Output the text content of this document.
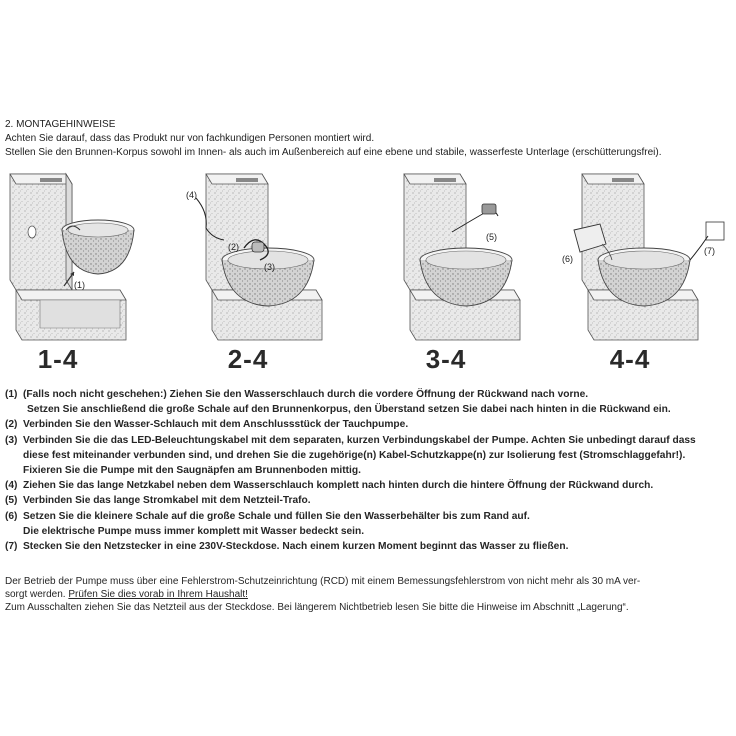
2. MONTAGEHINWEISE

Achten Sie darauf, dass das Produkt nur von fachkundigen Personen montiert wird.

Stellen Sie den Brunnen-Korpus sowohl im Innen- als auch im Außenbereich auf eine ebene und stabile, wasserfeste Unterlage (erschütterungsfrei).

(1)
1-4
(4)
(2)
(3)
2-4
(5)
3-4
(6)
(7)
4-4
(1) (Falls noch nicht geschehen:) Ziehen Sie den Wasserschlauch durch die vordere Öffnung der Rückwand nach vorne.
Setzen Sie anschließend die große Schale auf den Brunnenkorpus, den Überstand setzen Sie dabei nach hinten in die Rückwand ein.
(2) Verbinden Sie den Wasser-Schlauch mit dem Anschlussstück der Tauchpumpe.
(3) Verbinden Sie die das LED-Beleuchtungskabel mit dem separaten, kurzen Verbindungskabel der Pumpe. Achten Sie unbedingt darauf dass
diese fest miteinander verbunden sind, und drehen Sie die zugehörige(n) Kabel-Schutzkappe(n) zur Isolierung fest (Stromschlaggefahr!).
Fixieren Sie die Pumpe mit den Saugnäpfen am Brunnenboden mittig.
(4) Ziehen Sie das lange Netzkabel neben dem Wasserschlauch komplett nach hinten durch die hintere Öffnung der Rückwand durch.
(5) Verbinden Sie das lange Stromkabel mit dem Netzteil-Trafo.
(6) Setzen Sie die kleinere Schale auf die große Schale und füllen Sie den Wasserbehälter bis zum Rand auf.
Die elektrische Pumpe muss immer komplett mit Wasser bedeckt sein.
(7) Stecken Sie den Netzstecker in eine 230V-Steckdose. Nach einem kurzen Moment beginnt das Wasser zu fließen.

Der Betrieb der Pumpe muss über eine Fehlerstrom-Schutzeinrichtung (RCD) mit einem Bemessungsfehlerstrom von nicht mehr als 30 mA ver-

sorgt werden. Prüfen Sie dies vorab in Ihrem Haushalt!

Zum Ausschalten ziehen Sie das Netzteil aus der Steckdose. Bei längerem Nichtbetrieb lesen Sie bitte die Hinweise im Abschnitt „Lagerung“.
